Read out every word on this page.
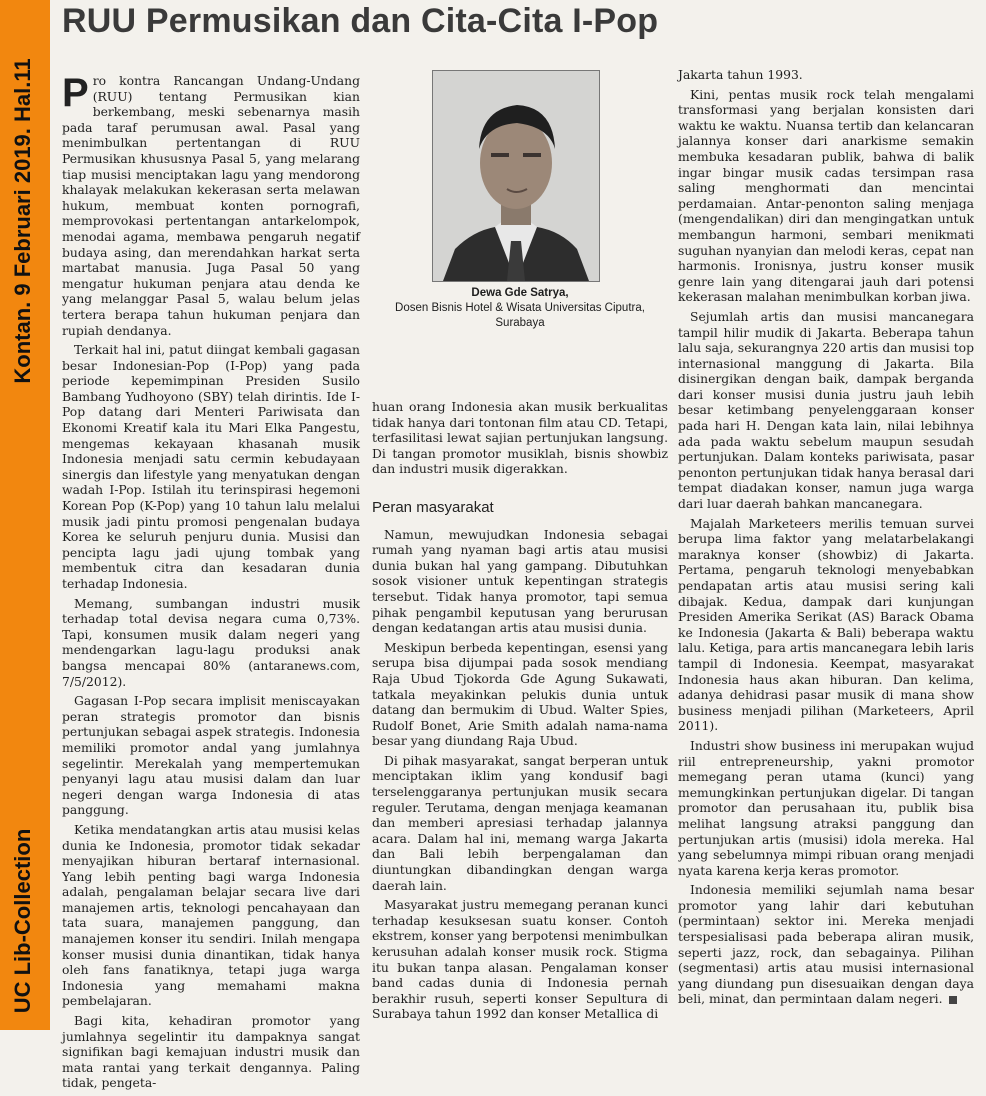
Kontan. 9 Februari 2019. Hal.11
UC Lib-Collection
RUU Permusikan dan Cita-Cita I-Pop

Pro kontra Rancangan Undang-Undang (RUU) tentang Permusikan kian berkembang, meski sebenarnya masih pada taraf perumusan awal. Pasal yang menimbulkan pertentangan di RUU Permusikan khususnya Pasal 5, yang melarang tiap musisi menciptakan lagu yang mendorong khalayak melakukan kekerasan serta melawan hukum, membuat konten pornografi, memprovokasi pertentangan antarkelompok, menodai agama, membawa pengaruh negatif budaya asing, dan merendahkan harkat serta martabat manusia. Juga Pasal 50 yang mengatur hukuman penjara atau denda ke yang melanggar Pasal 5, walau belum jelas tertera berapa tahun hukuman penjara dan rupiah dendanya.

Terkait hal ini, patut diingat kembali gagasan besar Indonesian-Pop (I-Pop) yang pada periode kepemimpinan Presiden Susilo Bambang Yudhoyono (SBY) telah dirintis. Ide I-Pop datang dari Menteri Pariwisata dan Ekonomi Kreatif kala itu Mari Elka Pangestu, mengemas kekayaan khasanah musik Indonesia menjadi satu cermin kebudayaan sinergis dan lifestyle yang menyatukan dengan wadah I-Pop. Istilah itu terinspirasi hegemoni Korean Pop (K-Pop) yang 10 tahun lalu melalui musik jadi pintu promosi pengenalan budaya Korea ke seluruh penjuru dunia. Musisi dan pencipta lagu jadi ujung tombak yang membentuk citra dan kesadaran dunia terhadap Indonesia.

Memang, sumbangan industri musik terhadap total devisa negara cuma 0,73%. Tapi, konsumen musik dalam negeri yang mendengarkan lagu-lagu produksi anak bangsa mencapai 80% (antaranews.com, 7/5/2012).

Gagasan I-Pop secara implisit meniscayakan peran strategis promotor dan bisnis pertunjukan sebagai aspek strategis. Indonesia memiliki promotor andal yang jumlahnya segelintir. Merekalah yang mempertemukan penyanyi lagu atau musisi dalam dan luar negeri dengan warga Indonesia di atas panggung.

Ketika mendatangkan artis atau musisi kelas dunia ke Indonesia, promotor tidak sekadar menyajikan hiburan bertaraf internasional. Yang lebih penting bagi warga Indonesia adalah, pengalaman belajar secara live dari manajemen artis, teknologi pencahayaan dan tata suara, manajemen panggung, dan manajemen konser itu sendiri. Inilah mengapa konser musisi dunia dinantikan, tidak hanya oleh fans fanatiknya, tetapi juga warga Indonesia yang memahami makna pembelajaran.

Bagi kita, kehadiran promotor yang jumlahnya segelintir itu dampaknya sangat signifikan bagi kemajuan industri musik dan mata rantai yang terkait dengannya. Paling tidak, pengeta-

Dewa Gde Satrya,
Dosen Bisnis Hotel & Wisata Universitas Ciputra,
Surabaya

huan orang Indonesia akan musik berkualitas tidak hanya dari tontonan film atau CD. Tetapi, terfasilitasi lewat sajian pertunjukan langsung. Di tangan promotor musiklah, bisnis showbiz dan industri musik digerakkan.

Peran masyarakat

Namun, mewujudkan Indonesia sebagai rumah yang nyaman bagi artis atau musisi dunia bukan hal yang gampang. Dibutuhkan sosok visioner untuk kepentingan strategis tersebut. Tidak hanya promotor, tapi semua pihak pengambil keputusan yang berurusan dengan kedatangan artis atau musisi dunia.

Meskipun berbeda kepentingan, esensi yang serupa bisa dijumpai pada sosok mendiang Raja Ubud Tjokorda Gde Agung Sukawati, tatkala meyakinkan pelukis dunia untuk datang dan bermukim di Ubud. Walter Spies, Rudolf Bonet, Arie Smith adalah nama-nama besar yang diundang Raja Ubud.

Di pihak masyarakat, sangat berperan untuk menciptakan iklim yang kondusif bagi terselenggaranya pertunjukan musik secara reguler. Terutama, dengan menjaga keamanan dan memberi apresiasi terhadap jalannya acara. Dalam hal ini, memang warga Jakarta dan Bali lebih berpengalaman dan diuntungkan dibandingkan dengan warga daerah lain.

Masyarakat justru memegang peranan kunci terhadap kesuksesan suatu konser. Contoh ekstrem, konser yang berpotensi menimbulkan kerusuhan adalah konser musik rock. Stigma itu bukan tanpa alasan. Pengalaman konser band cadas dunia di Indonesia pernah berakhir rusuh, seperti konser Sepultura di Surabaya tahun 1992 dan konser Metallica di

Jakarta tahun 1993.

Kini, pentas musik rock telah mengalami transformasi yang berjalan konsisten dari waktu ke waktu. Nuansa tertib dan kelancaran jalannya konser dari anarkisme semakin membuka kesadaran publik, bahwa di balik ingar bingar musik cadas tersimpan rasa saling menghormati dan mencintai perdamaian. Antar-penonton saling menjaga (mengendalikan) diri dan mengingatkan untuk membangun harmoni, sembari menikmati suguhan nyanyian dan melodi keras, cepat nan harmonis. Ironisnya, justru konser musik genre lain yang ditengarai jauh dari potensi kekerasan malahan menimbulkan korban jiwa.

Sejumlah artis dan musisi mancanegara tampil hilir mudik di Jakarta. Beberapa tahun lalu saja, sekurangnya 220 artis dan musisi top internasional manggung di Jakarta. Bila disinergikan dengan baik, dampak berganda dari konser musisi dunia justru jauh lebih besar ketimbang penyelenggaraan konser pada hari H. Dengan kata lain, nilai lebihnya ada pada waktu sebelum maupun sesudah pertunjukan. Dalam konteks pariwisata, pasar penonton pertunjukan tidak hanya berasal dari tempat diadakan konser, namun juga warga dari luar daerah bahkan mancanegara.

Majalah Marketeers merilis temuan survei berupa lima faktor yang melatarbelakangi maraknya konser (showbiz) di Jakarta. Pertama, pengaruh teknologi menyebabkan pendapatan artis atau musisi sering kali dibajak. Kedua, dampak dari kunjungan Presiden Amerika Serikat (AS) Barack Obama ke Indonesia (Jakarta & Bali) beberapa waktu lalu. Ketiga, para artis mancanegara lebih laris tampil di Indonesia. Keempat, masyarakat Indonesia haus akan hiburan. Dan kelima, adanya dehidrasi pasar musik di mana show business menjadi pilihan (Marketeers, April 2011).

Industri show business ini merupakan wujud riil entrepreneurship, yakni promotor memegang peran utama (kunci) yang memungkinkan pertunjukan digelar. Di tangan promotor dan perusahaan itu, publik bisa melihat langsung atraksi panggung dan pertunjukan artis (musisi) idola mereka. Hal yang sebelumnya mimpi ribuan orang menjadi nyata karena kerja keras promotor.

Indonesia memiliki sejumlah nama besar promotor yang lahir dari kebutuhan (permintaan) sektor ini. Mereka menjadi terspesialisasi pada beberapa aliran musik, seperti jazz, rock, dan sebagainya. Pilihan (segmentasi) artis atau musisi internasional yang diundang pun disesuaikan dengan daya beli, minat, dan permintaan dalam negeri.
